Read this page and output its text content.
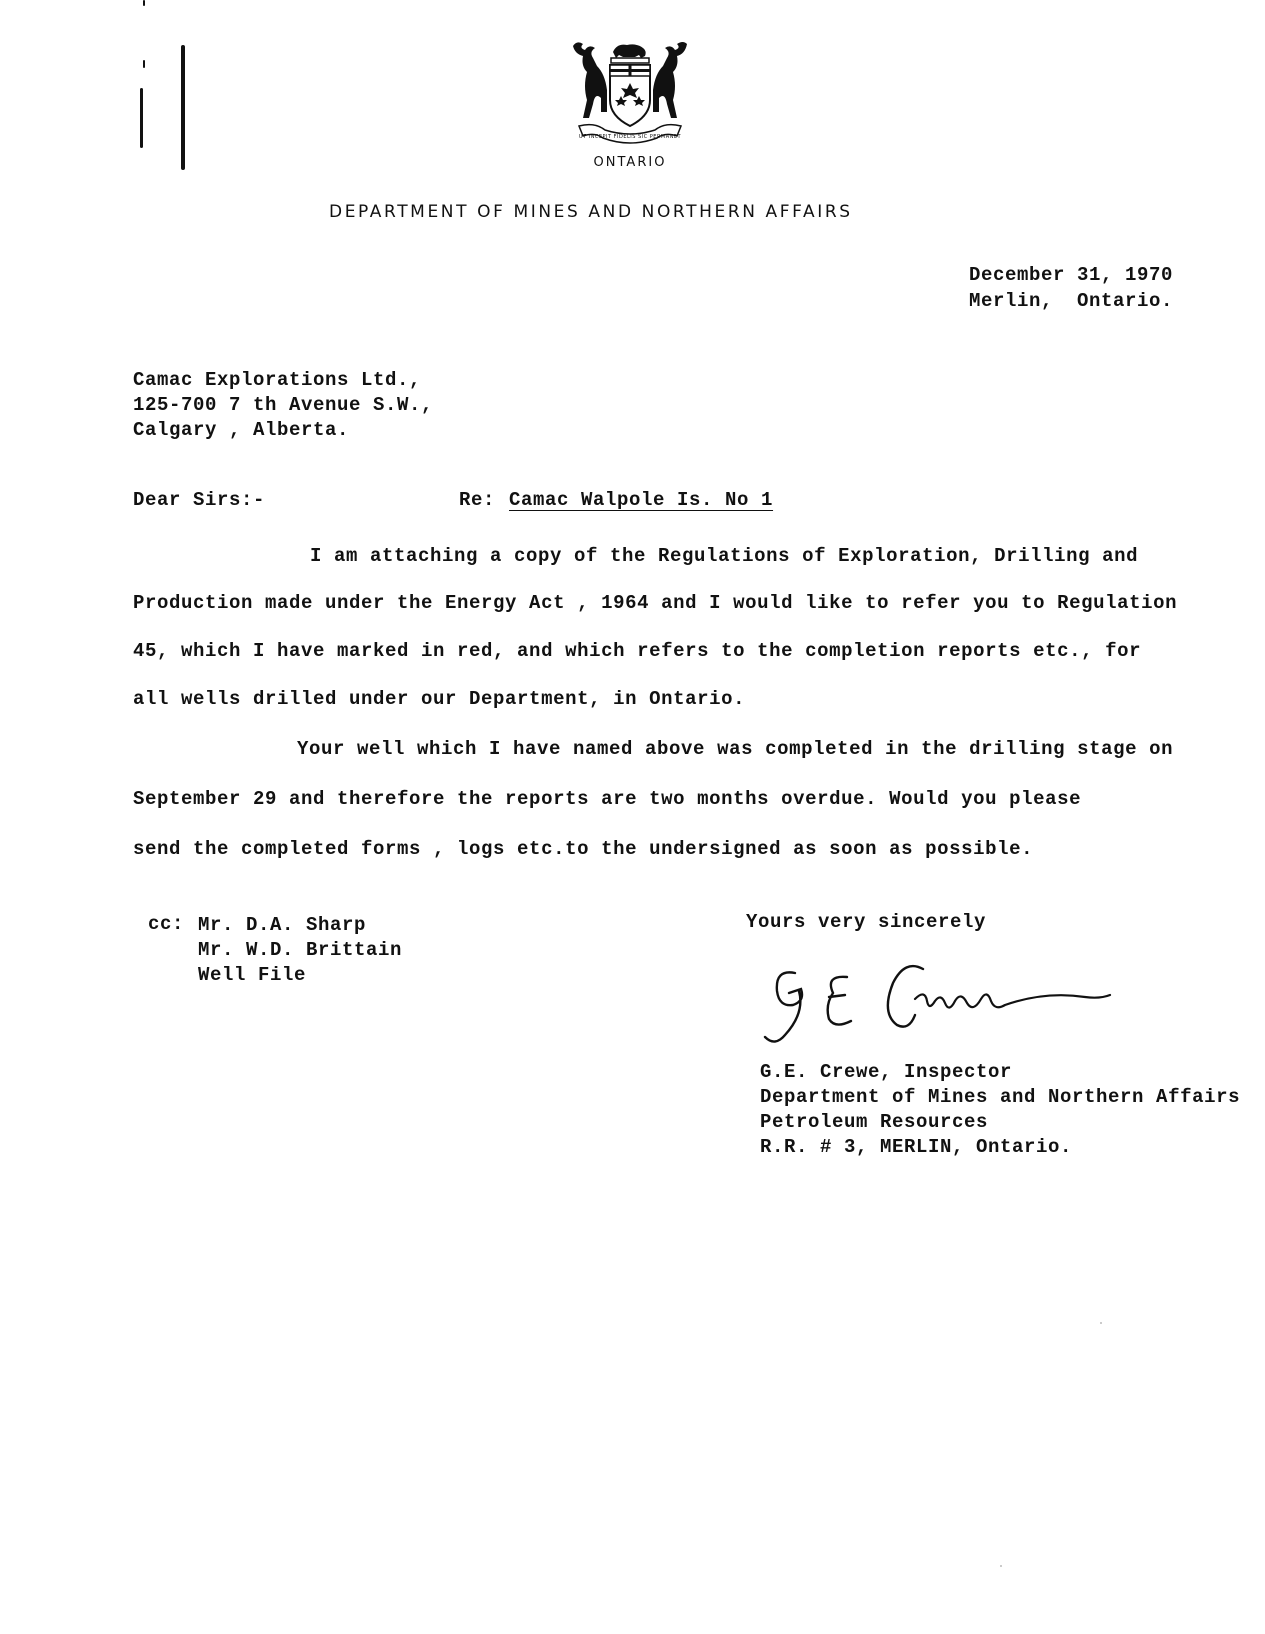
UT INCEPIT FIDELIS SIC PERMANET
ONTARIO
DEPARTMENT OF MINES AND NORTHERN AFFAIRS
December 31, 1970
Merlin,  Ontario.
Camac Explorations Ltd.,
125-700 7 th Avenue S.W.,
Calgary , Alberta.
Dear Sirs:-	Re: Camac Walpole Is. No 1
I am attaching a copy of the Regulations of Exploration, Drilling and
Production made under the Energy Act , 1964 and I would like to refer you to Regulation
45, which I have marked in red, and which refers to the completion reports etc., for
all wells drilled under our Department, in Ontario.
Your well which I have named above was completed in the drilling stage on
September 29 and therefore the reports are two months overdue. Would you please
send the completed forms , logs etc.to the undersigned as soon as possible.
cc: Mr. D.A. Sharp
Mr. W.D. Brittain
Well File
Yours very sincerely
G.E. Crewe, Inspector
Department of Mines and Northern Affairs
Petroleum Resources
R.R. # 3, MERLIN, Ontario.
